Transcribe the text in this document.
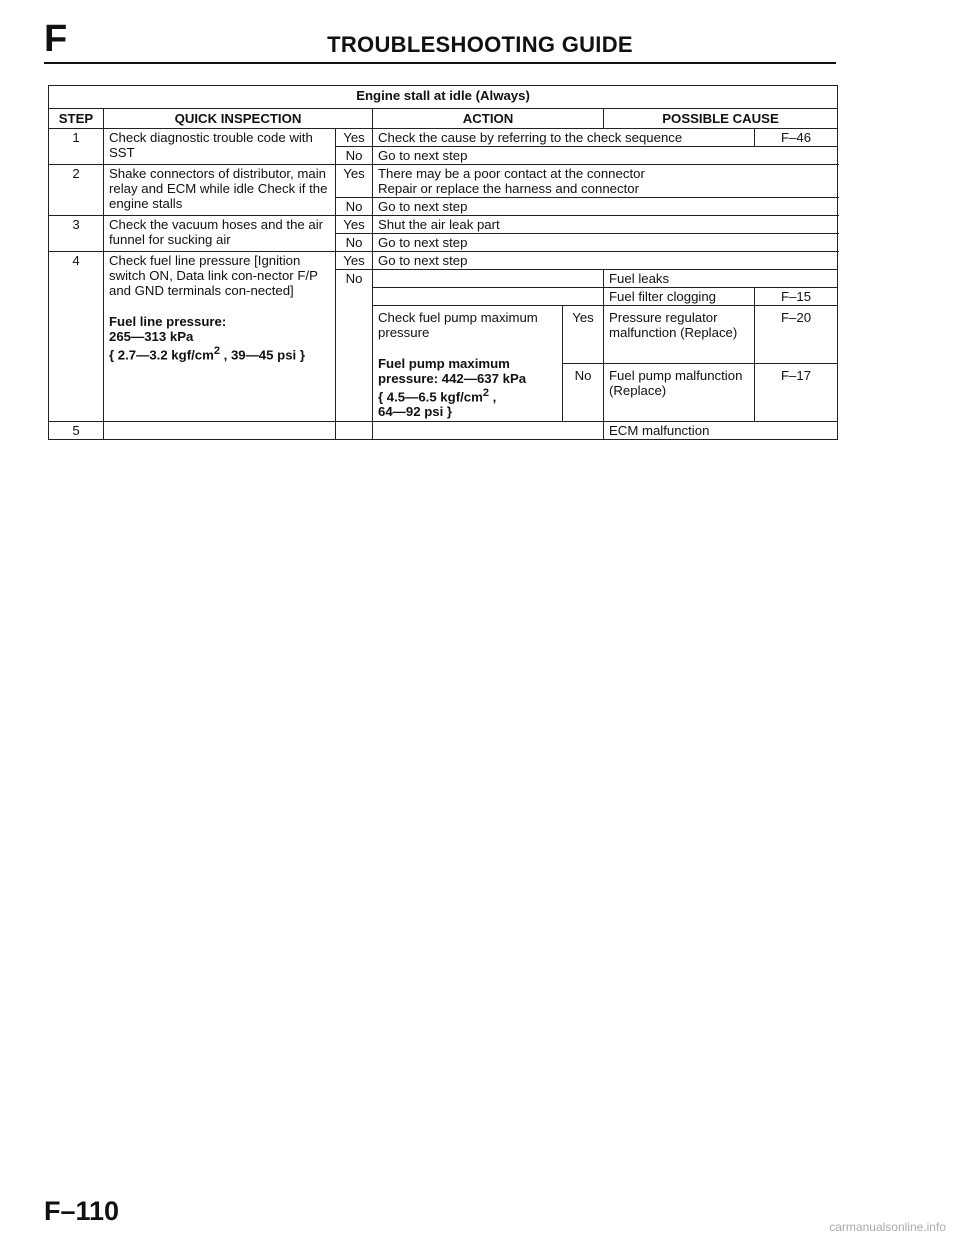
F	TROUBLESHOOTING GUIDE
Engine stall at idle (Always)						
STEP	QUICK INSPECTION		ACTION		POSSIBLE CAUSE	
1	Check diagnostic trouble code with SST	Yes	Check the cause by referring to the check sequence			F–46
		No	Go to next step			
2	Shake connectors of distributor, main relay and ECM while idle Check if the engine stalls	Yes	There may be a poor contact at the connector
Repair or replace the harness and connector			

		No	Go to next step			
3	Check the vacuum hoses and the air funnel for sucking air	Yes	Shut the air leak part			
		No	Go to next step			
4	Check fuel line pressure [Ignition switch ON, Data link con-nector F/P and GND terminals con-nected]
Fuel line pressure:
265—313 kPa
{ 2.7—3.2 kgf/$cm^2$ , 39—45 psi }	Yes	Go to next step			
		No			Fuel leaks	
					Fuel filter clogging	F–15

			Check fuel pump maximum pressure
Fuel pump maximum
pressure: 442—637 kPa
{ 4.5—6.5 kgf/$cm^2$ ,
64—92 psi }	Yes	Pressure regulator malfunction (Replace)	F–20

				No	Fuel pump malfunction (Replace)	F–17
5					ECM malfunction	
F–110
carmanualsonline.info
